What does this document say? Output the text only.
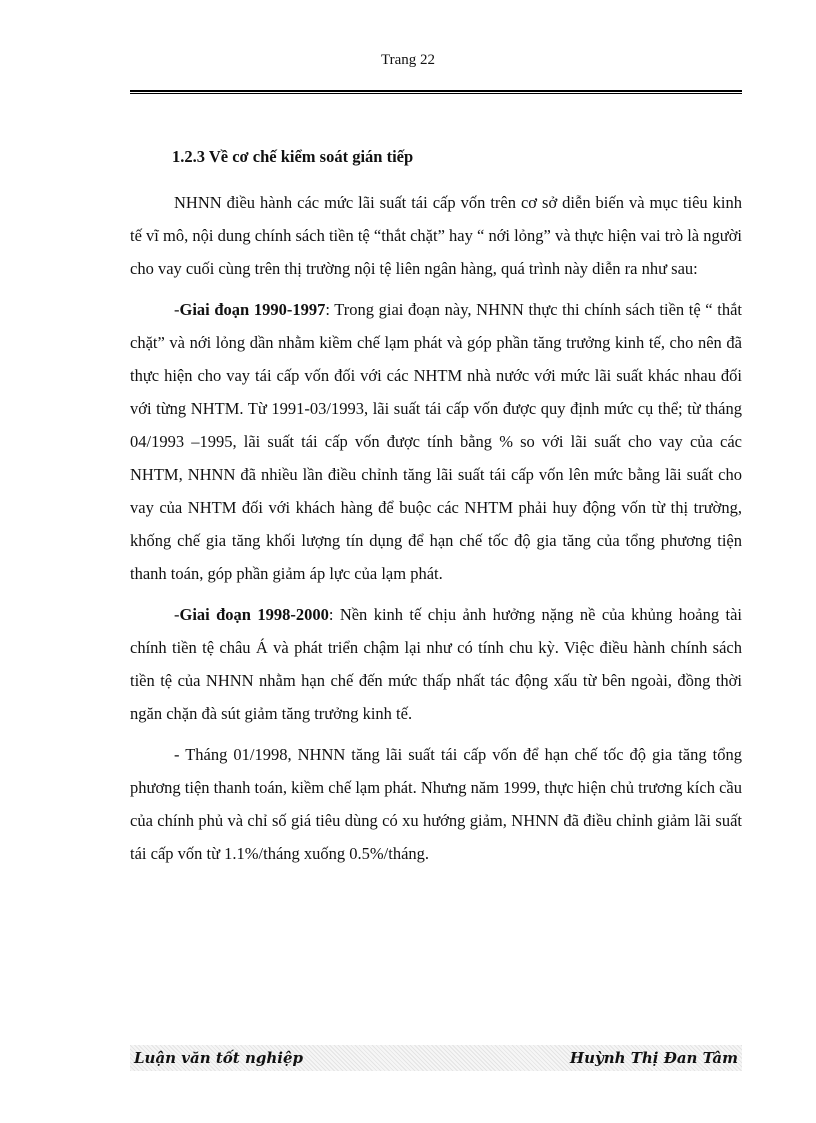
Trang 22
1.2.3 Về cơ chế kiểm soát gián tiếp

NHNN điều hành các mức lãi suất tái cấp vốn trên cơ sở diễn biến và mục tiêu kinh tế vĩ mô, nội dung chính sách tiền tệ “thắt chặt” hay “ nới lỏng” và thực hiện vai trò là người cho vay cuối cùng trên thị trường nội tệ liên ngân hàng, quá trình này diễn ra như sau:

-Giai đoạn 1990-1997: Trong giai đoạn này, NHNN thực thi chính sách tiền tệ “ thắt chặt” và nới lỏng dần nhằm kiềm chế lạm phát và góp phần tăng trưởng kinh tế, cho nên đã thực hiện cho vay tái cấp vốn đối với các NHTM nhà nước với mức lãi suất khác nhau đối với từng NHTM. Từ 1991-03/1993, lãi suất tái cấp vốn được quy định mức cụ thể; từ tháng 04/1993 –1995, lãi suất tái cấp vốn được tính bằng % so với lãi suất cho vay của các NHTM, NHNN đã nhiều lần điều chỉnh tăng lãi suất tái cấp vốn lên mức bằng lãi suất cho vay của NHTM đối với khách hàng để buộc các NHTM phải huy động vốn từ thị trường, khống chế gia tăng khối lượng tín dụng để hạn chế tốc độ gia tăng của tổng phương tiện thanh toán, góp phần giảm áp lực của lạm phát.

-Giai đoạn 1998-2000: Nền kinh tế chịu ảnh hưởng nặng nề của khủng hoảng tài chính tiền tệ châu Á và phát triển chậm lại như có tính chu kỳ. Việc điều hành chính sách tiền tệ của NHNN nhằm hạn chế đến mức thấp nhất tác động xấu từ bên ngoài, đồng thời ngăn chặn đà sút giảm tăng trưởng kinh tế.

- Tháng 01/1998, NHNN tăng lãi suất tái cấp vốn để hạn chế tốc độ gia tăng tổng phương tiện thanh toán, kiềm chế lạm phát. Nhưng năm 1999, thực hiện chủ trương kích cầu của chính phủ và chỉ số giá tiêu dùng có xu hướng giảm, NHNN đã điều chỉnh giảm lãi suất tái cấp vốn từ 1.1%/tháng xuống 0.5%/tháng.

Luận văn tốt nghiệp	Huỳnh Thị Đan Tâm
